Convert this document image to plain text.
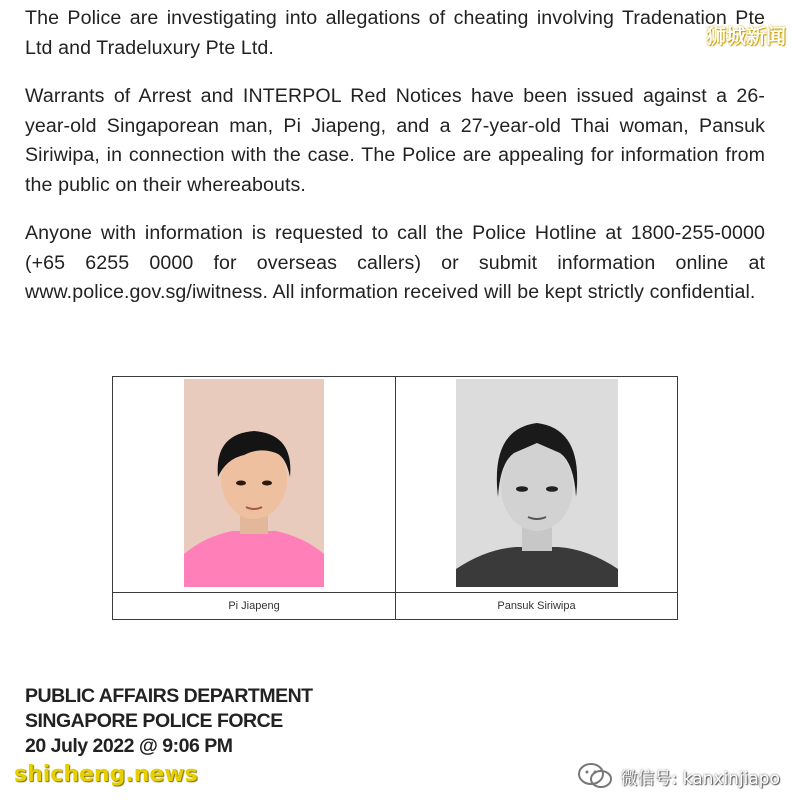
The Police are investigating into allegations of cheating involving Tradenation Pte Ltd and Tradeluxury Pte Ltd.

Warrants of Arrest and INTERPOL Red Notices have been issued against a 26-year-old Singaporean man, Pi Jiapeng, and a 27-year-old Thai woman, Pansuk Siriwipa, in connection with the case. The Police are appealing for information from the public on their whereabouts.

Anyone with information is requested to call the Police Hotline at 1800-255-0000 (+65 6255 0000 for overseas callers) or submit information online at www.police.gov.sg/iwitness. All information received will be kept strictly confidential.

Pi Jiapeng	Pansuk Siriwipa
PUBLIC AFFAIRS DEPARTMENT
SINGAPORE POLICE FORCE
20 July 2022 @ 9:06 PM
狮城新闻
shicheng.news	微信号: kanxinjiapo
